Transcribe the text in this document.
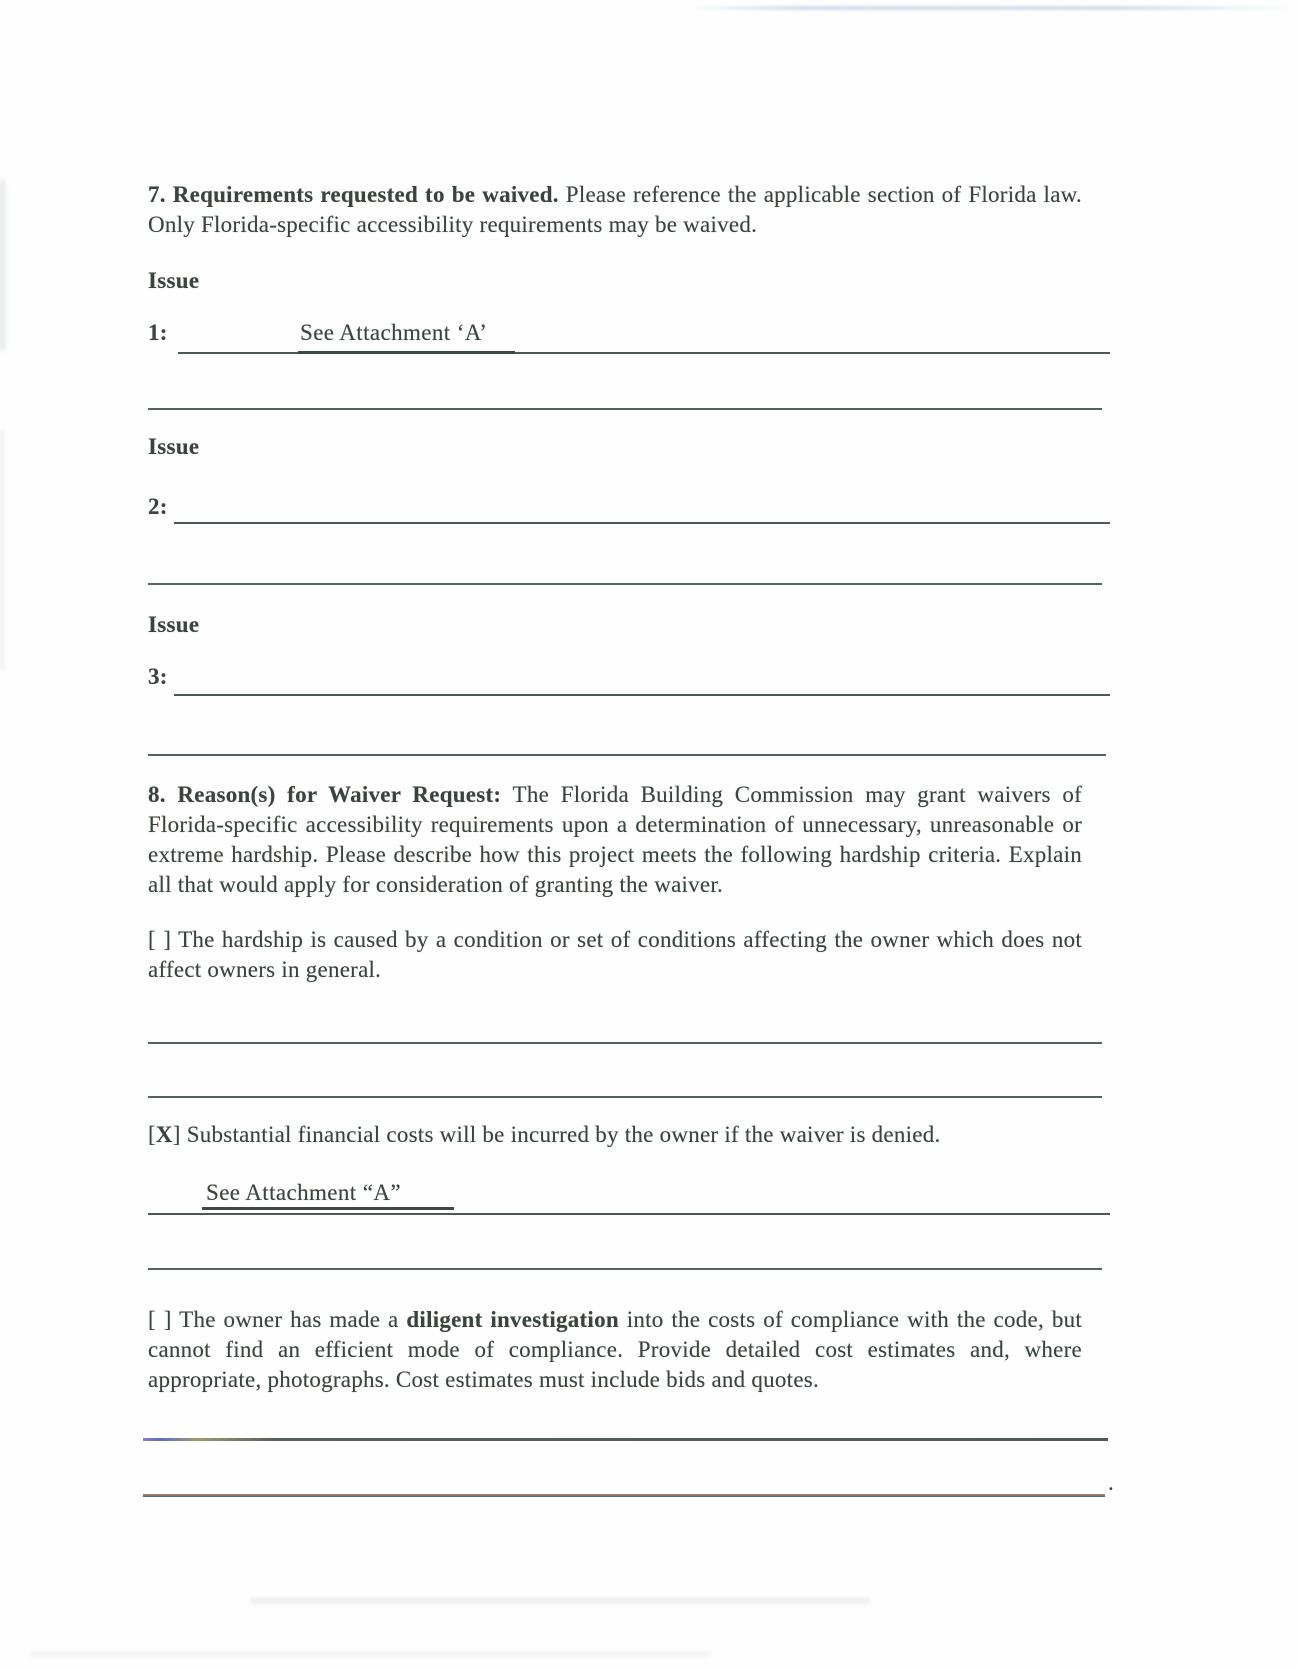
7. Requirements requested to be waived. Please reference the applicable section of Florida law. Only Florida-specific accessibility requirements may be waived.
Issue
1:	See Attachment ‘A’
Issue
2:
Issue
3:
8. Reason(s) for Waiver Request: The Florida Building Commission may grant waivers of Florida-specific accessibility requirements upon a determination of unnecessary, unreasonable or extreme hardship. Please describe how this project meets the following hardship criteria. Explain all that would apply for consideration of granting the waiver.
[ ] The hardship is caused by a condition or set of conditions affecting the owner which does not affect owners in general.
[X] Substantial financial costs will be incurred by the owner if the waiver is denied.
See Attachment “A”
[ ] The owner has made a diligent investigation into the costs of compliance with the code, but cannot find an efficient mode of compliance. Provide detailed cost estimates and, where appropriate, photographs. Cost estimates must include bids and quotes.
.
